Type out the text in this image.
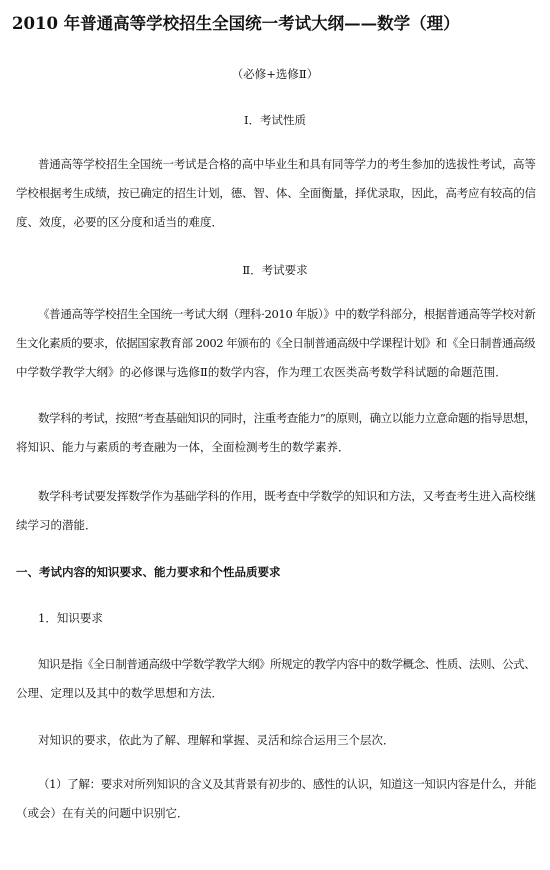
2010 年普通高等学校招生全国统一考试大纲——数学（理）
（必修+选修Ⅱ）
Ⅰ．考试性质
普通高等学校招生全国统一考试是合格的高中毕业生和具有同等学力的考生参加的选拔性考试，高等
学校根据考生成绩，按已确定的招生计划，德、智、体、全面衡量，择优录取，因此，高考应有较高的信
度、效度，必要的区分度和适当的难度．
Ⅱ．考试要求
《普通高等学校招生全国统一考试大纲（理科·2010 年版）》中的数学科部分，根据普通高等学校对新
生文化素质的要求，依据国家教育部 2002 年颁布的《全日制普通高级中学课程计划》和《全日制普通高级
中学数学教学大纲》的必修课与选修Ⅱ的数学内容，作为理工农医类高考数学科试题的命题范围．
数学科的考试，按照“考查基础知识的同时，注重考查能力”的原则，确立以能力立意命题的指导思想，
将知识、能力与素质的考查融为一体，全面检测考生的数学素养．
数学科考试要发挥数学作为基础学科的作用，既考查中学数学的知识和方法，又考查考生进入高校继
续学习的潜能．
一、考试内容的知识要求、能力要求和个性品质要求
1．知识要求
知识是指《全日制普通高级中学数学教学大纲》所规定的教学内容中的数学概念、性质、法则、公式、
公理、定理以及其中的数学思想和方法．
对知识的要求，依此为了解、理解和掌握、灵活和综合运用三个层次．
（1）了解：要求对所列知识的含义及其背景有初步的、感性的认识，知道这一知识内容是什么，并能
（或会）在有关的问题中识别它．
